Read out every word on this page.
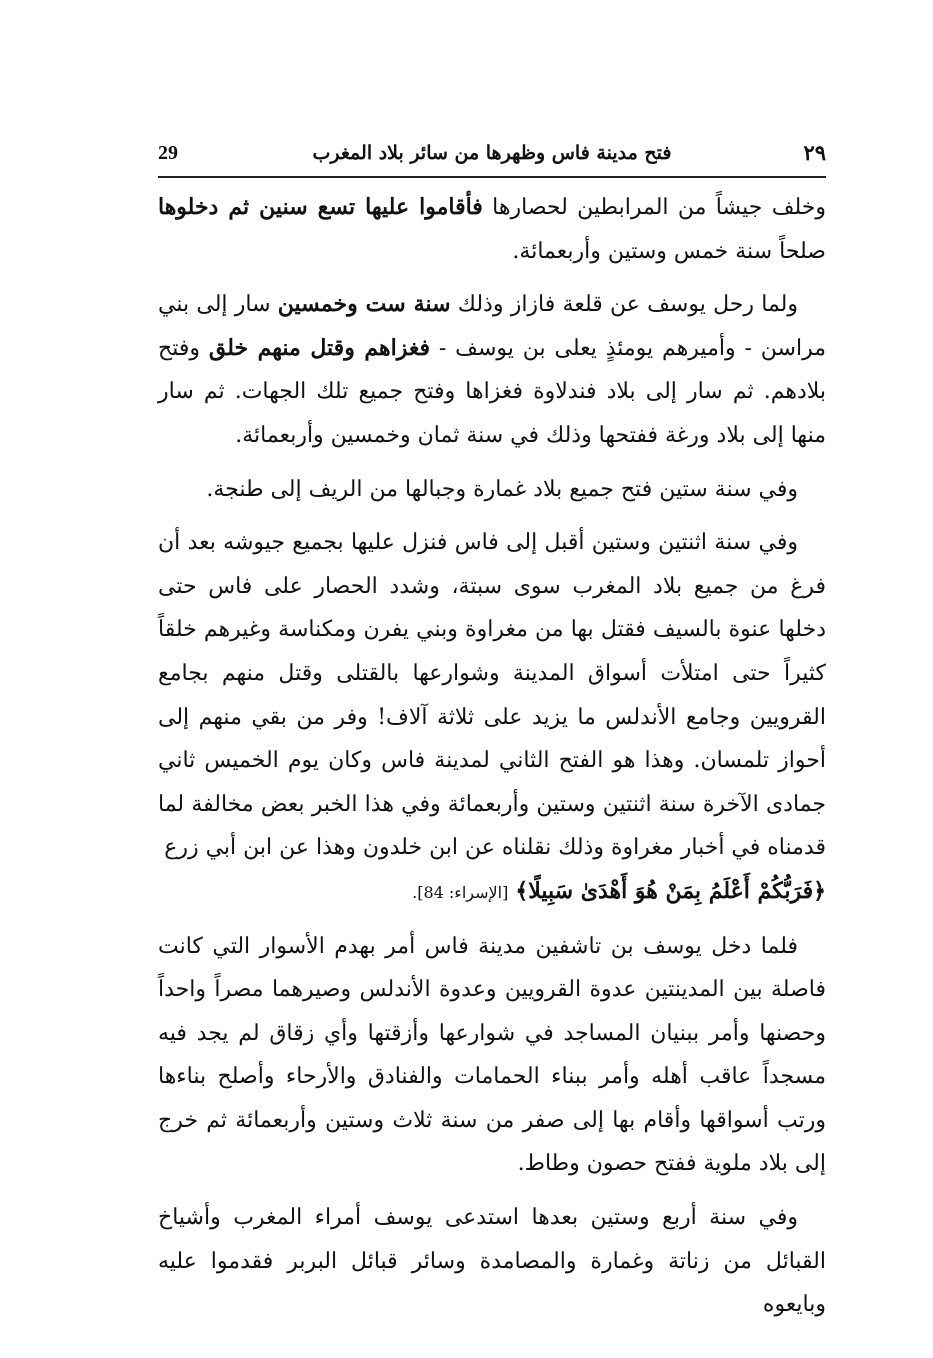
29	فتح مدينة فاس وظهرها من سائر بلاد المغرب	٢٩

وخلف جيشاً من المرابطين لحصارها فأقاموا عليها تسع سنين ثم دخلوها صلحاً سنة خمس وستين وأربعمائة.

ولما رحل يوسف عن قلعة فازاز وذلك سنة ست وخمسين سار إلى بني مراسن - وأميرهم يومئذٍ يعلى بن يوسف - فغزاهم وقتل منهم خلق وفتح بلادهم. ثم سار إلى بلاد فندلاوة فغزاها وفتح جميع تلك الجهات. ثم سار منها إلى بلاد ورغة ففتحها وذلك في سنة ثمان وخمسين وأربعمائة.

وفي سنة ستين فتح جميع بلاد غمارة وجبالها من الريف إلى طنجة.

وفي سنة اثنتين وستين أقبل إلى فاس فنزل عليها بجميع جيوشه بعد أن فرغ من جميع بلاد المغرب سوى سبتة، وشدد الحصار على فاس حتى دخلها عنوة بالسيف فقتل بها من مغراوة وبني يفرن ومكناسة وغيرهم خلقاً كثيراً حتى امتلأت أسواق المدينة وشوارعها بالقتلى وقتل منهم بجامع القرويين وجامع الأندلس ما يزيد على ثلاثة آلاف! وفر من بقي منهم إلى أحواز تلمسان. وهذا هو الفتح الثاني لمدينة فاس وكان يوم الخميس ثاني جمادى الآخرة سنة اثنتين وستين وأربعمائة وفي هذا الخبر بعض مخالفة لما قدمناه في أخبار مغراوة وذلك نقلناه عن ابن خلدون وهذا عن ابن أبي زرع
﴿فَرَبُّكُمْ أَعْلَمُ بِمَنْ هُوَ أَهْدَىٰ سَبِيلًا﴾ [الإسراء: 84].

فلما دخل يوسف بن تاشفين مدينة فاس أمر بهدم الأسوار التي كانت فاصلة بين المدينتين عدوة القرويين وعدوة الأندلس وصيرهما مصراً واحداً وحصنها وأمر ببنيان المساجد في شوارعها وأزقتها وأي زقاق لم يجد فيه مسجداً عاقب أهله وأمر ببناء الحمامات والفنادق والأرحاء وأصلح بناءها ورتب أسواقها وأقام بها إلى صفر من سنة ثلاث وستين وأربعمائة ثم خرج إلى بلاد ملوية ففتح حصون وطاط.

وفي سنة أربع وستين بعدها استدعى يوسف أمراء المغرب وأشياخ القبائل من زناتة وغمارة والمصامدة وسائر قبائل البربر فقدموا عليه وبايعوه
